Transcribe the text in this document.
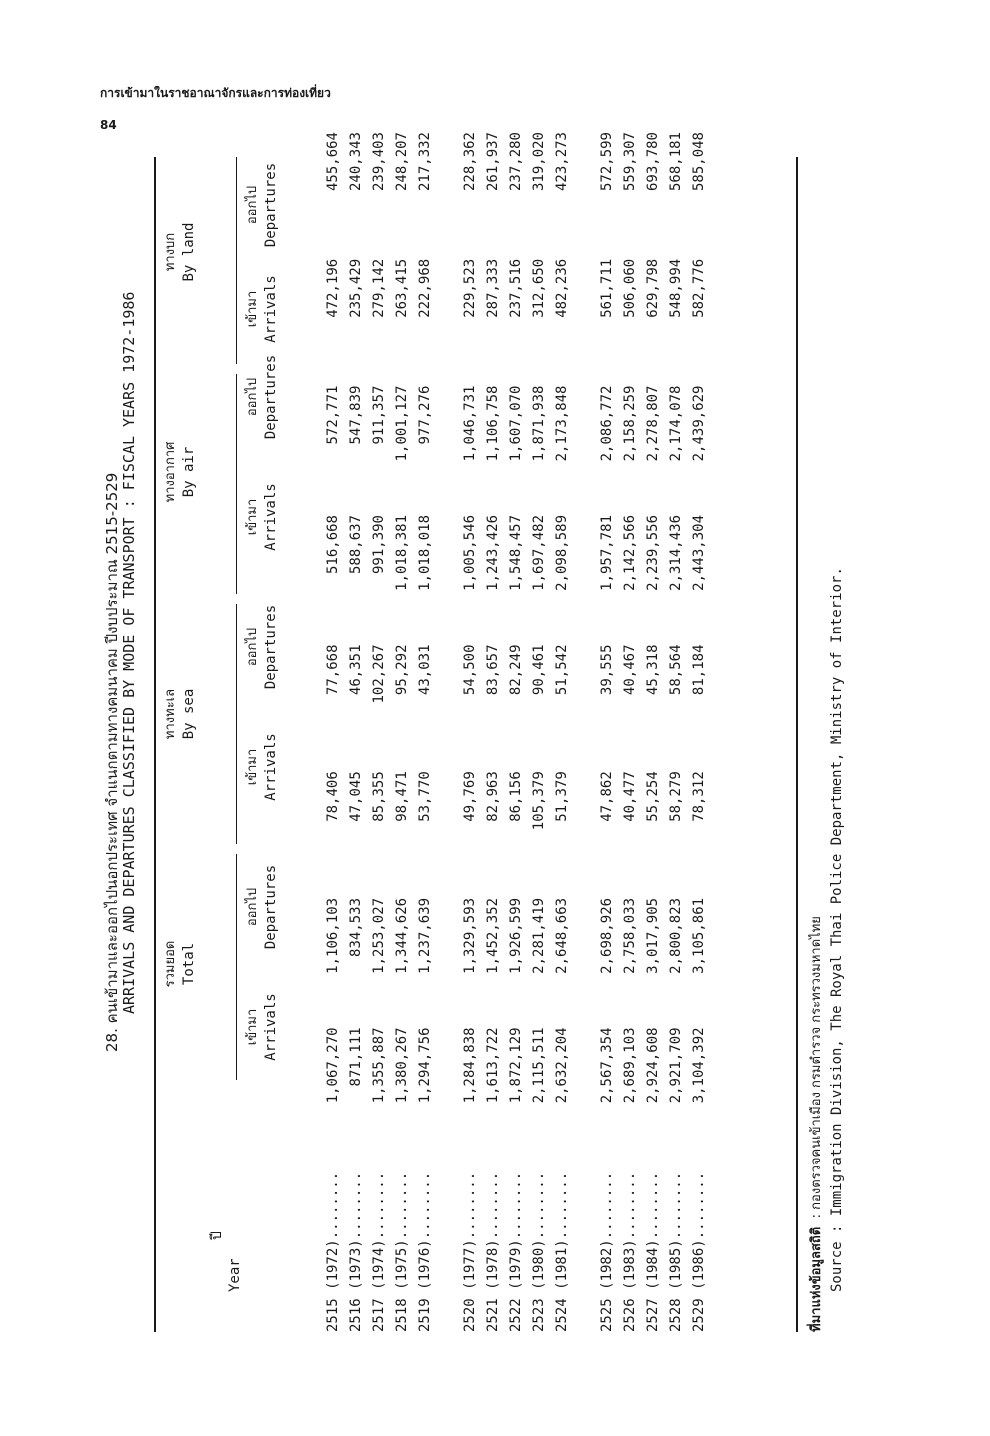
การเข้ามาในราชอาณาจักรและการท่องเที่ยว
84
28. คนเข้ามาและออกไปนอกประเทศ จำแนกตามทางคมนาคม ปีงบประมาณ 2515-2529 ARRIVALS AND DEPARTURES CLASSIFIED BY MODE OF TRANSPORT : FISCAL YEARS 1972-1986
ปี
Year
รวมยอด Total
ทางทะเล By sea
ทางอากาศ By air
ทางบก By land
เข้ามา Arrivals
ออกไป Departures
เข้ามา Arrivals
ออกไป Departures
เข้ามา Arrivals
ออกไป Departures
เข้ามา Arrivals
ออกไป Departures
2515 (1972)........	1,067,270	1,106,103	78,406	77,668	516,668	572,771	472,196	455,664
2516 (1973)........	871,111	834,533	47,045	46,351	588,637	547,839	235,429	240,343
2517 (1974)........	1,355,887	1,253,027	85,355	102,267	991,390	911,357	279,142	239,403
2518 (1975)........	1,380,267	1,344,626	98,471	95,292	1,018,381	1,001,127	263,415	248,207
2519 (1976)........	1,294,756	1,237,639	53,770	43,031	1,018,018	977,276	222,968	217,332

2520 (1977)........	1,284,838	1,329,593	49,769	54,500	1,005,546	1,046,731	229,523	228,362
2521 (1978)........	1,613,722	1,452,352	82,963	83,657	1,243,426	1,106,758	287,333	261,937
2522 (1979)........	1,872,129	1,926,599	86,156	82,249	1,548,457	1,607,070	237,516	237,280
2523 (1980)........	2,115,511	2,281,419	105,379	90,461	1,697,482	1,871,938	312,650	319,020
2524 (1981)........	2,632,204	2,648,663	51,379	51,542	2,098,589	2,173,848	482,236	423,273

2525 (1982)........	2,567,354	2,698,926	47,862	39,555	1,957,781	2,086,772	561,711	572,599
2526 (1983)........	2,689,103	2,758,033	40,477	40,467	2,142,566	2,158,259	506,060	559,307
2527 (1984)........	2,924,608	3,017,905	55,254	45,318	2,239,556	2,278,807	629,798	693,780
2528 (1985)........	2,921,709	2,800,823	58,279	58,564	2,314,436	2,174,078	548,994	568,181
2529 (1986)........	3,104,392	3,105,861	78,312	81,184	2,443,304	2,439,629	582,776	585,048
ที่มาแห่งข้อมูลสถิติ : กองตรวจคนเข้าเมือง กรมตำรวจ กระทรวงมหาดไทย Source : Immigration Division, The Royal Thai Police Department, Ministry of Interior.
